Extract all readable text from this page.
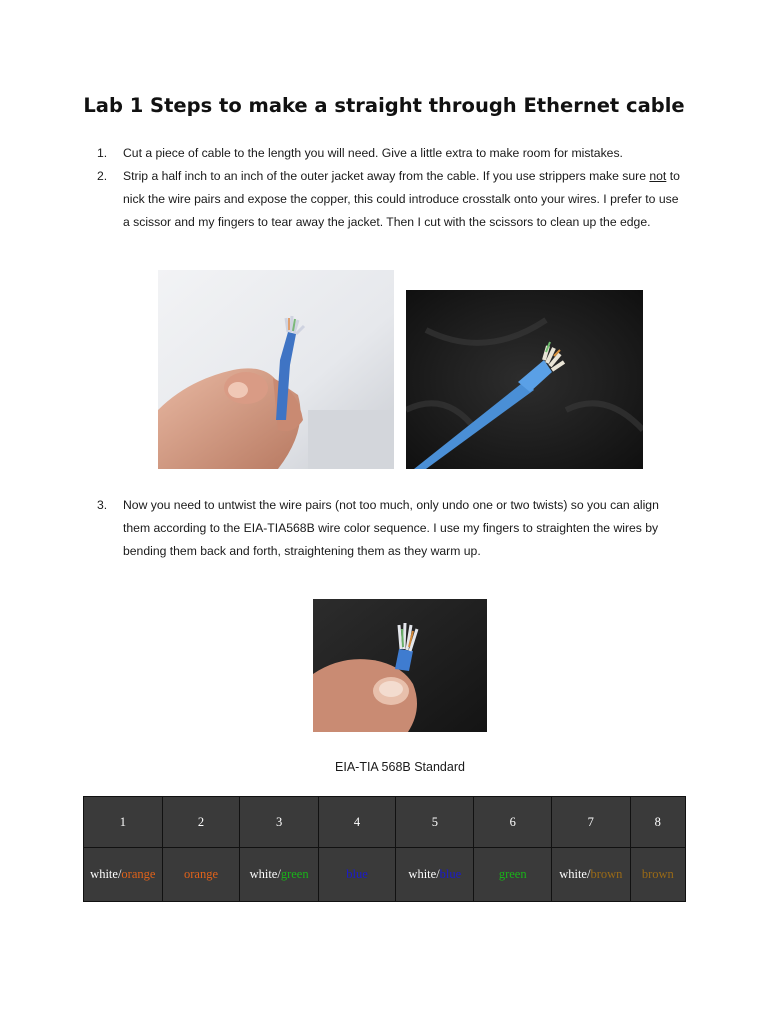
Lab 1 Steps to make a straight through Ethernet cable
1.	Cut a piece of cable to the length you will need. Give a little extra to make room for mistakes.
2.	Strip a half inch to an inch of the outer jacket away from the cable. If you use strippers make sure not to nick the wire pairs and expose the copper, this could introduce crosstalk onto your wires. I prefer to use a scissor and my fingers to tear away the jacket. Then I cut with the scissors to clean up the edge.
3.	Now you need to untwist the wire pairs (not too much, only undo one or two twists) so you can align them according to the EIA-TIA568B wire color sequence. I use my fingers to straighten the wires by bending them back and forth, straightening them as they warm up.
EIA-TIA 568B Standard
1	2	3	4	5	6	7	8
white/orange	orange	white/green	blue	white/blue	green	white/brown	brown
